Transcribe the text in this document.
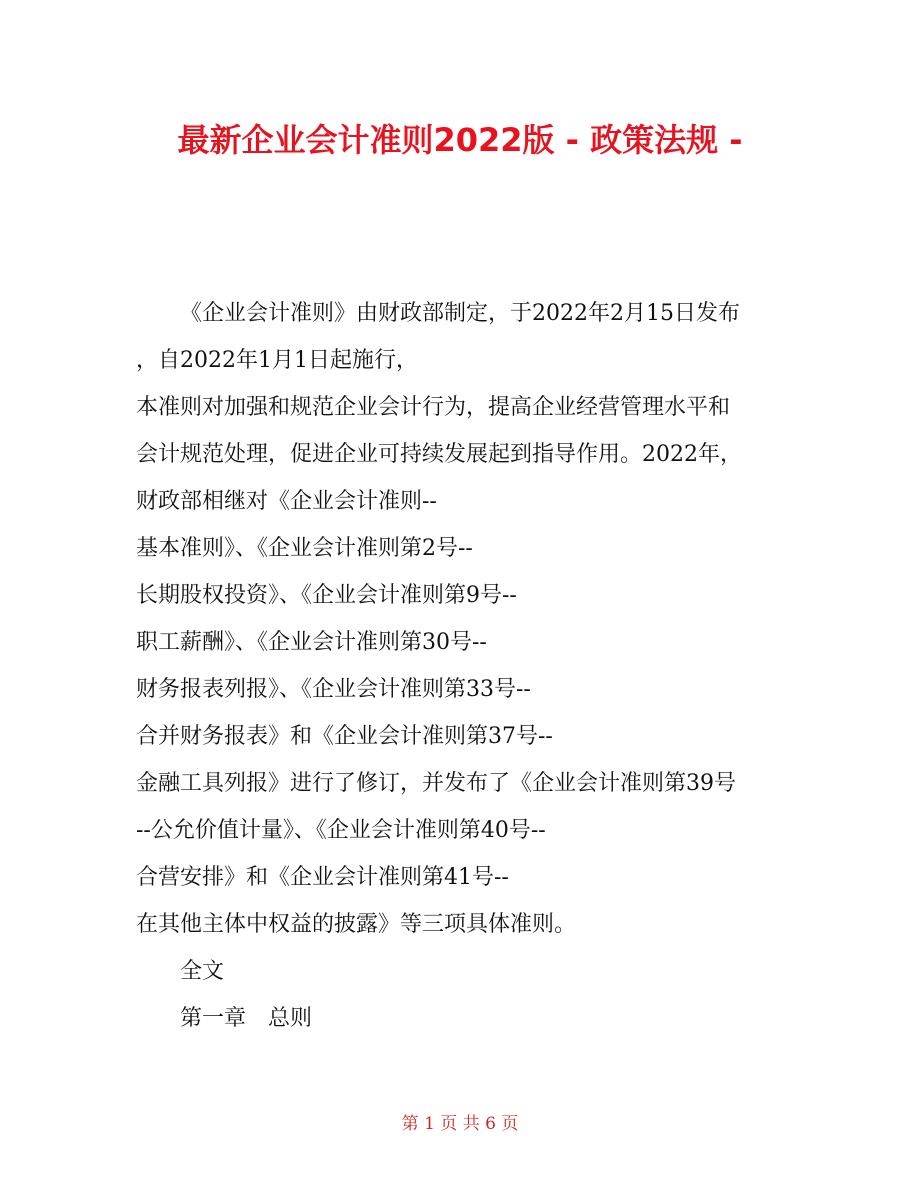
最新企业会计准则2022版 - 政策法规 -
《企业会计准则》由财政部制定，于2022年2月15日发布
，自2022年1月1日起施行，
本准则对加强和规范企业会计行为，提高企业经营管理水平和
会计规范处理，促进企业可持续发展起到指导作用。2022年，
财政部相继对《企业会计准则--
基本准则》、《企业会计准则第2号--
长期股权投资》、《企业会计准则第9号--
职工薪酬》、《企业会计准则第30号--
财务报表列报》、《企业会计准则第33号--
合并财务报表》和《企业会计准则第37号--
金融工具列报》进行了修订，并发布了《企业会计准则第39号
--公允价值计量》、《企业会计准则第40号--
合营安排》和《企业会计准则第41号--
在其他主体中权益的披露》等三项具体准则。
全文
第一章　总则
第 1 页 共 6 页
